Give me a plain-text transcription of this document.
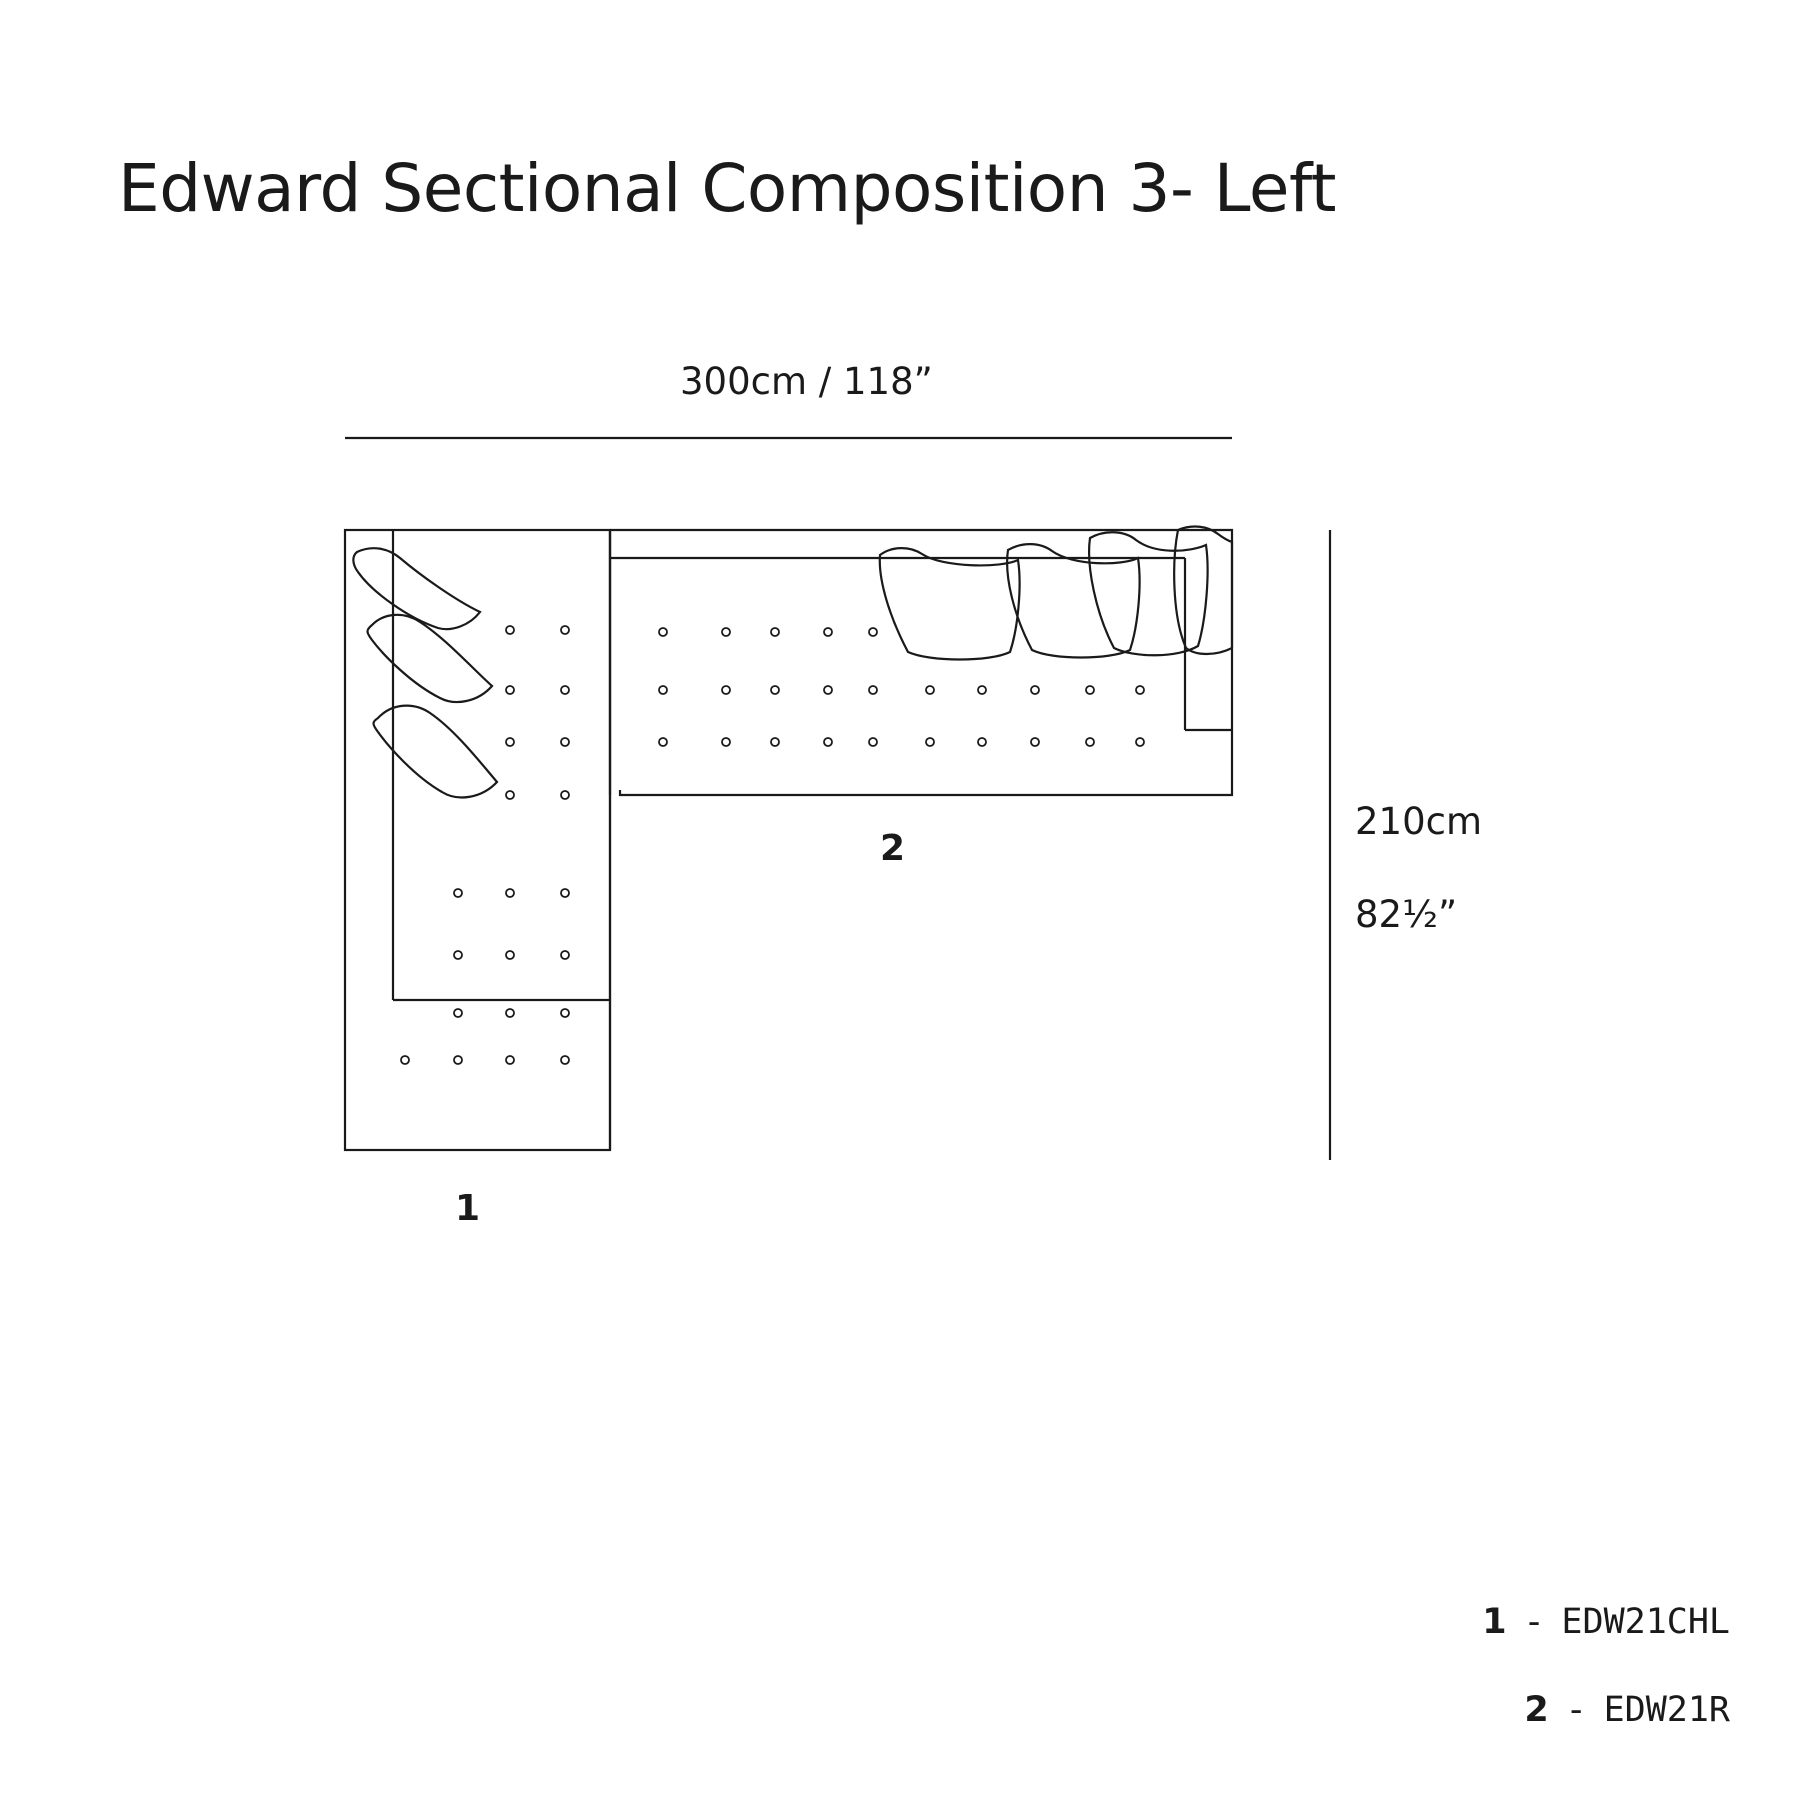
Edward Sectional Composition 3- Left
300cm / 118”
210cm
82½”
1
2
1 - EDW21CHL
2 - EDW21R
